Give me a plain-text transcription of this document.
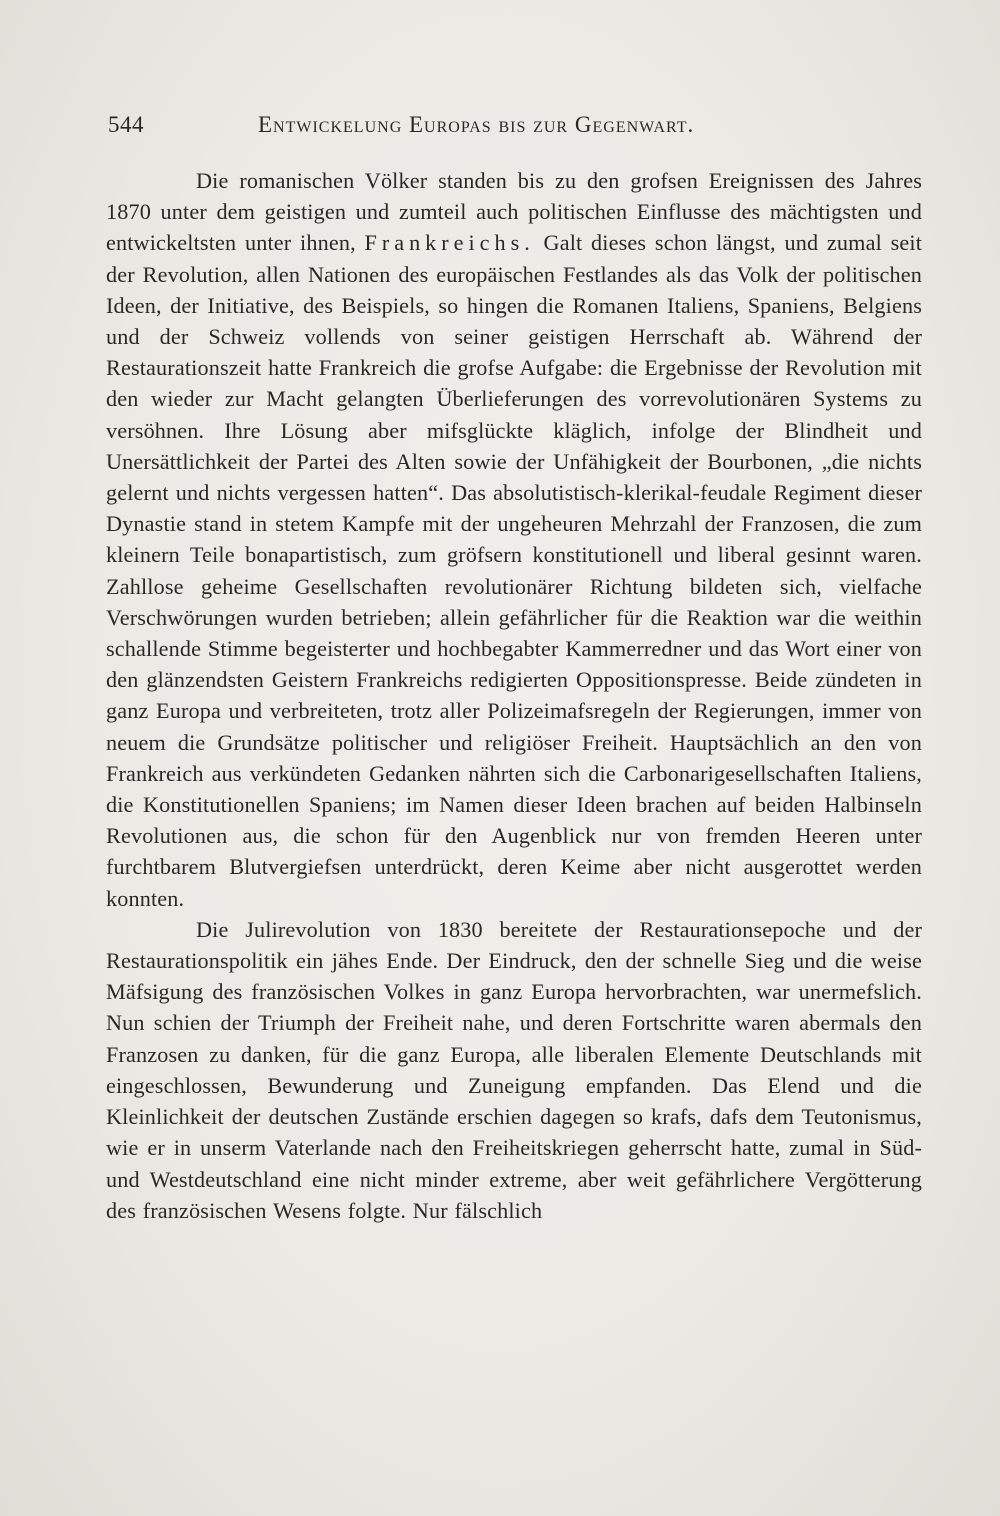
544	Entwickelung Europas bis zur Gegenwart.

Die romanischen Völker standen bis zu den grofsen Ereignissen des Jahres 1870 unter dem geistigen und zumteil auch politischen Einflusse des mächtigsten und entwickeltsten unter ihnen, Frankreichs. Galt dieses schon längst, und zumal seit der Revolution, allen Nationen des europäischen Festlandes als das Volk der politischen Ideen, der Initiative, des Beispiels, so hingen die Romanen Italiens, Spaniens, Belgiens und der Schweiz vollends von seiner geistigen Herrschaft ab. Während der Restaurationszeit hatte Frankreich die grofse Aufgabe: die Ergebnisse der Revolution mit den wieder zur Macht gelangten Überlieferungen des vorrevolutionären Systems zu versöhnen. Ihre Lösung aber mifsglückte kläglich, infolge der Blindheit und Unersättlichkeit der Partei des Alten sowie der Unfähigkeit der Bourbonen, „die nichts gelernt und nichts vergessen hatten“. Das absolutistisch-klerikal-feudale Regiment dieser Dynastie stand in stetem Kampfe mit der ungeheuren Mehrzahl der Franzosen, die zum kleinern Teile bonapartistisch, zum gröfsern konstitutionell und liberal gesinnt waren. Zahllose geheime Gesellschaften revolutionärer Richtung bildeten sich, vielfache Verschwörungen wurden betrieben; allein gefährlicher für die Reaktion war die weithin schallende Stimme begeisterter und hochbegabter Kammerredner und das Wort einer von den glänzendsten Geistern Frankreichs redigierten Oppositionspresse. Beide zündeten in ganz Europa und verbreiteten, trotz aller Polizeimafsregeln der Regierungen, immer von neuem die Grundsätze politischer und religiöser Freiheit. Hauptsächlich an den von Frankreich aus verkündeten Gedanken nährten sich die Carbonarigesellschaften Italiens, die Konstitutionellen Spaniens; im Namen dieser Ideen brachen auf beiden Halbinseln Revolutionen aus, die schon für den Augenblick nur von fremden Heeren unter furchtbarem Blutvergiefsen unterdrückt, deren Keime aber nicht ausgerottet werden konnten.

Die Julirevolution von 1830 bereitete der Restaurationsepoche und der Restaurationspolitik ein jähes Ende. Der Eindruck, den der schnelle Sieg und die weise Mäfsigung des französischen Volkes in ganz Europa hervorbrachten, war unermefslich. Nun schien der Triumph der Freiheit nahe, und deren Fortschritte waren abermals den Franzosen zu danken, für die ganz Europa, alle liberalen Elemente Deutschlands mit eingeschlossen, Bewunderung und Zuneigung empfanden. Das Elend und die Kleinlichkeit der deutschen Zustände erschien dagegen so krafs, dafs dem Teutonismus, wie er in unserm Vaterlande nach den Freiheitskriegen geherrscht hatte, zumal in Süd- und Westdeutschland eine nicht minder extreme, aber weit gefährlichere Vergötterung des französischen Wesens folgte. Nur fälschlich
